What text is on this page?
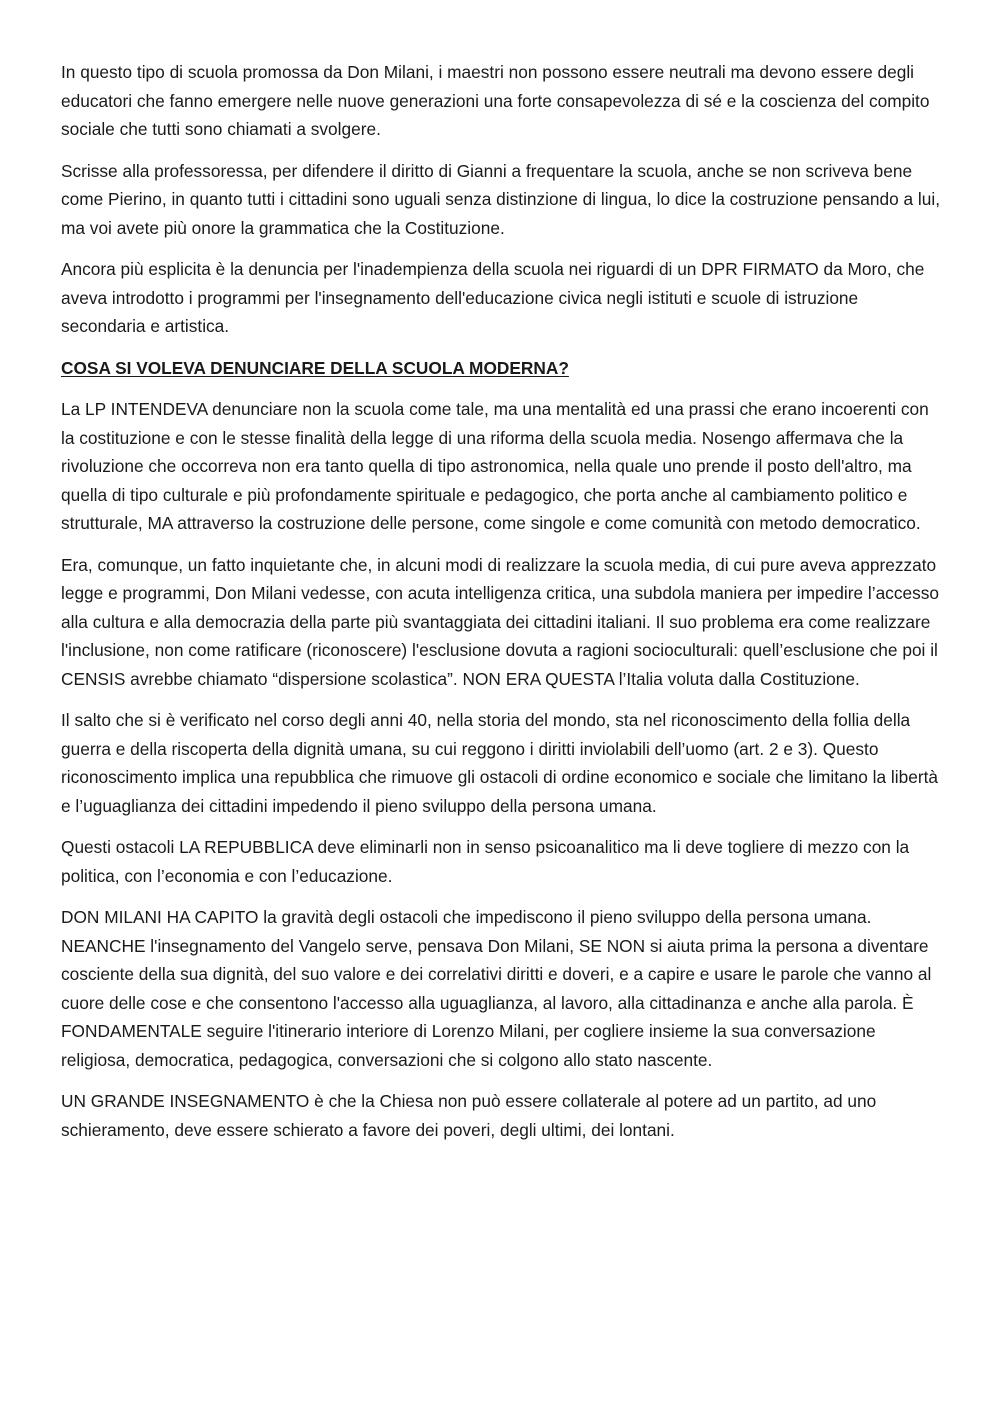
In questo tipo di scuola promossa da Don Milani, i maestri non possono essere neutrali ma devono essere degli educatori che fanno emergere nelle nuove generazioni una forte consapevolezza di sé e la coscienza del compito sociale che tutti sono chiamati a svolgere.

Scrisse alla professoressa, per difendere il diritto di Gianni a frequentare la scuola, anche se non scriveva bene come Pierino, in quanto tutti i cittadini sono uguali senza distinzione di lingua, lo dice la costruzione pensando a lui, ma voi avete più onore la grammatica che la Costituzione.

Ancora più esplicita è la denuncia per l'inadempienza della scuola nei riguardi di un DPR FIRMATO da Moro, che aveva introdotto i programmi per l'insegnamento dell'educazione civica negli istituti e scuole di istruzione secondaria e artistica.

COSA SI VOLEVA DENUNCIARE DELLA SCUOLA MODERNA?

La LP INTENDEVA denunciare non la scuola come tale, ma una mentalità ed una prassi che erano incoerenti con la costituzione e con le stesse finalità della legge di una riforma della scuola media. Nosengo affermava che la rivoluzione che occorreva non era tanto quella di tipo astronomica, nella quale uno prende il posto dell'altro, ma quella di tipo culturale e più profondamente spirituale e pedagogico, che porta anche al cambiamento politico e strutturale, MA attraverso la costruzione delle persone, come singole e come comunità con metodo democratico.

Era, comunque, un fatto inquietante che, in alcuni modi di realizzare la scuola media, di cui pure aveva apprezzato legge e programmi, Don Milani vedesse, con acuta intelligenza critica, una subdola maniera per impedire l’accesso alla cultura e alla democrazia della parte più svantaggiata dei cittadini italiani. Il suo problema era come realizzare l'inclusione, non come ratificare (riconoscere) l'esclusione dovuta a ragioni socioculturali: quell’esclusione che poi il CENSIS avrebbe chiamato “dispersione scolastica”. NON ERA QUESTA l’Italia voluta dalla Costituzione.

Il salto che si è verificato nel corso degli anni 40, nella storia del mondo, sta nel riconoscimento della follia della guerra e della riscoperta della dignità umana, su cui reggono i diritti inviolabili dell’uomo (art. 2 e 3). Questo riconoscimento implica una repubblica che rimuove gli ostacoli di ordine economico e sociale che limitano la libertà e l’uguaglianza dei cittadini impedendo il pieno sviluppo della persona umana.

Questi ostacoli LA REPUBBLICA deve eliminarli non in senso psicoanalitico ma li deve togliere di mezzo con la politica, con l’economia e con l’educazione.

DON MILANI HA CAPITO la gravità degli ostacoli che impediscono il pieno sviluppo della persona umana. NEANCHE l'insegnamento del Vangelo serve, pensava Don Milani, SE NON si aiuta prima la persona a diventare cosciente della sua dignità, del suo valore e dei correlativi diritti e doveri, e a capire e usare le parole che vanno al cuore delle cose e che consentono l'accesso alla uguaglianza, al lavoro, alla cittadinanza e anche alla parola. È FONDAMENTALE seguire l'itinerario interiore di Lorenzo Milani, per cogliere insieme la sua conversazione religiosa, democratica, pedagogica, conversazioni che si colgono allo stato nascente.

UN GRANDE INSEGNAMENTO è che la Chiesa non può essere collaterale al potere ad un partito, ad uno schieramento, deve essere schierato a favore dei poveri, degli ultimi, dei lontani.
